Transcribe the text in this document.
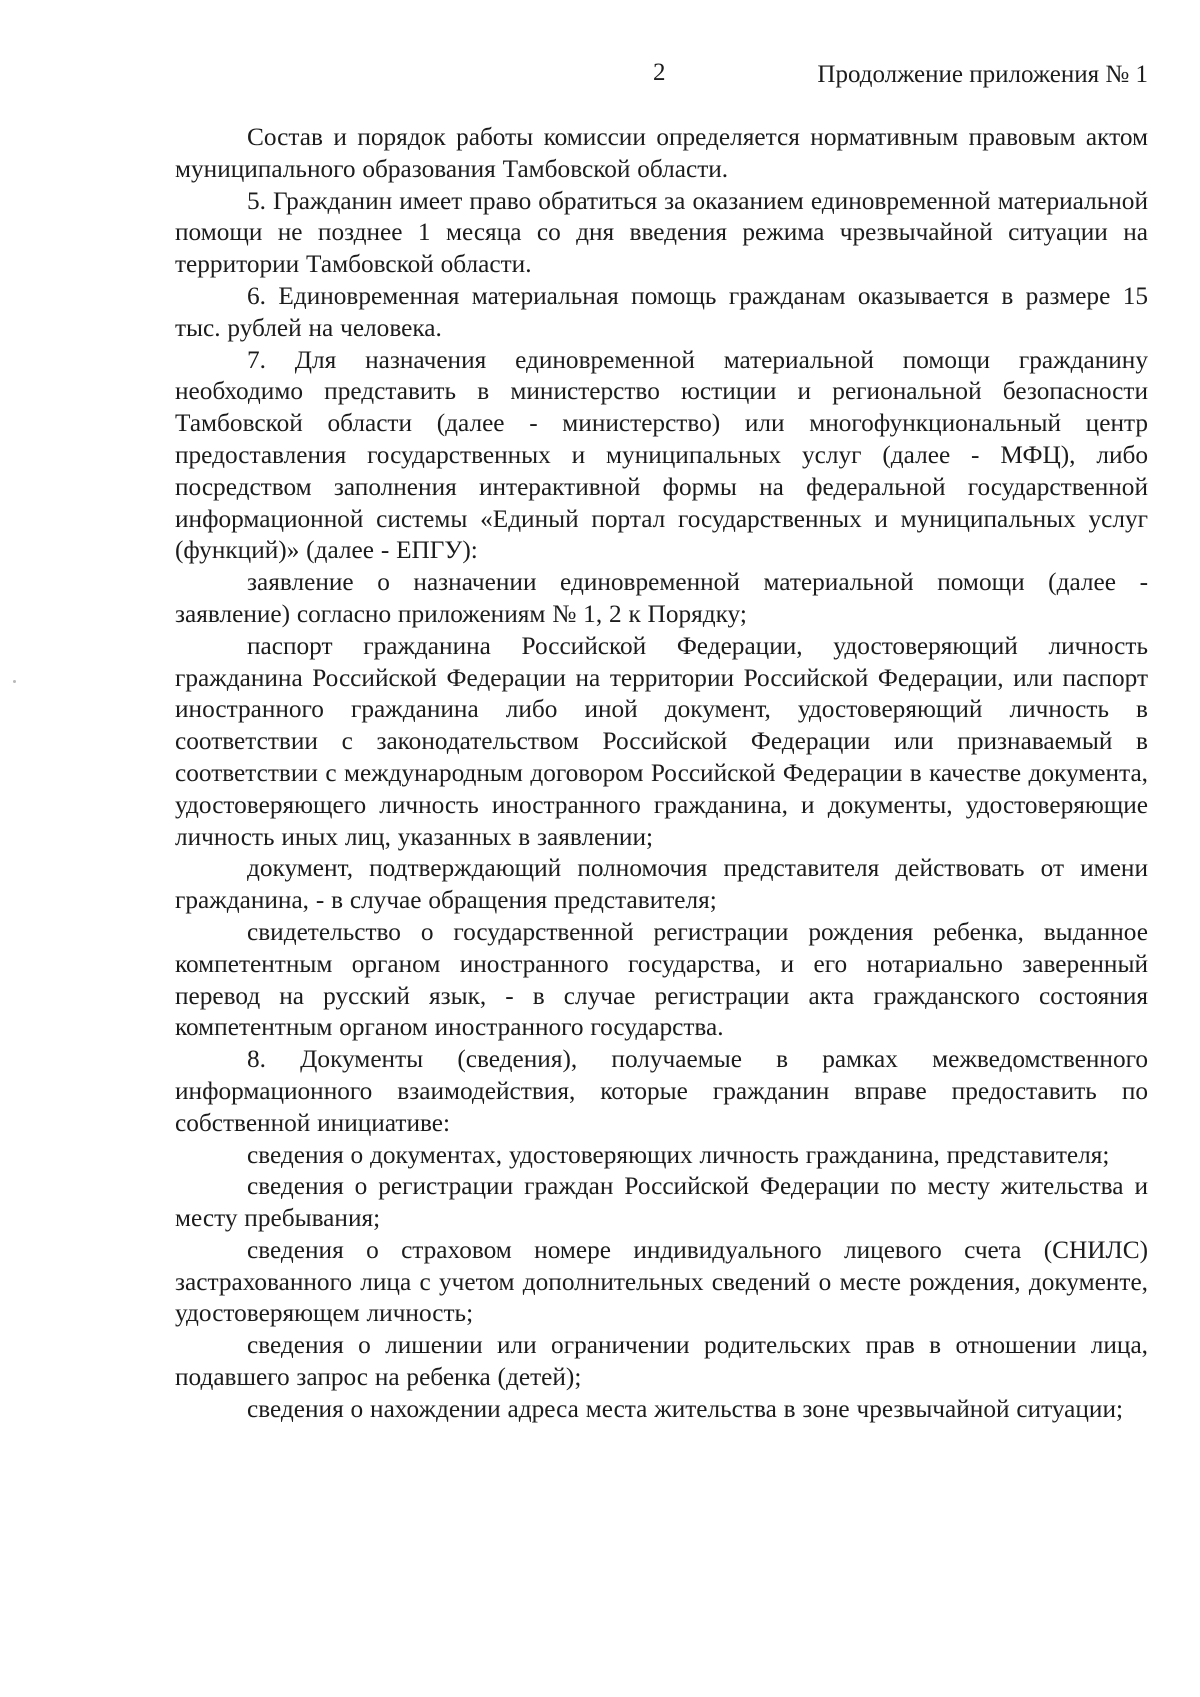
2	Продолжение приложения № 1

Состав и порядок работы комиссии определяется нормативным правовым актом муниципального образования Тамбовской области.

5. Гражданин имеет право обратиться за оказанием единовременной материальной помощи не позднее 1 месяца со дня введения режима чрезвычайной ситуации на территории Тамбовской области.

6. Единовременная материальная помощь гражданам оказывается в размере 15 тыс. рублей на человека.

7. Для назначения единовременной материальной помощи гражданину необходимо представить в министерство юстиции и региональной безопасности Тамбовской области (далее - министерство) или многофункциональный центр предоставления государственных и муниципальных услуг (далее - МФЦ), либо посредством заполнения интерактивной формы на федеральной государственной информационной системы «Единый портал государственных и муниципальных услуг (функций)» (далее - ЕПГУ):

заявление о назначении единовременной материальной помощи (далее - заявление) согласно приложениям № 1, 2 к Порядку;

паспорт гражданина Российской Федерации, удостоверяющий личность гражданина Российской Федерации на территории Российской Федерации, или паспорт иностранного гражданина либо иной документ, удостоверяющий личность в соответствии с законодательством Российской Федерации или признаваемый в соответствии с международным договором Российской Федерации в качестве документа, удостоверяющего личность иностранного гражданина, и документы, удостоверяющие личность иных лиц, указанных в заявлении;

документ, подтверждающий полномочия представителя действовать от имени гражданина, - в случае обращения представителя;

свидетельство о государственной регистрации рождения ребенка, выданное компетентным органом иностранного государства, и его нотариально заверенный перевод на русский язык, - в случае регистрации акта гражданского состояния компетентным органом иностранного государства.

8. Документы (сведения), получаемые в рамках межведомственного информационного взаимодействия, которые гражданин вправе предоставить по собственной инициативе:

сведения о документах, удостоверяющих личность гражданина, представителя;

сведения о регистрации граждан Российской Федерации по месту жительства и месту пребывания;

сведения о страховом номере индивидуального лицевого счета (СНИЛС) застрахованного лица с учетом дополнительных сведений о месте рождения, документе, удостоверяющем личность;

сведения о лишении или ограничении родительских прав в отношении лица, подавшего запрос на ребенка (детей);

сведения о нахождении адреса места жительства в зоне чрезвычайной ситуации;
